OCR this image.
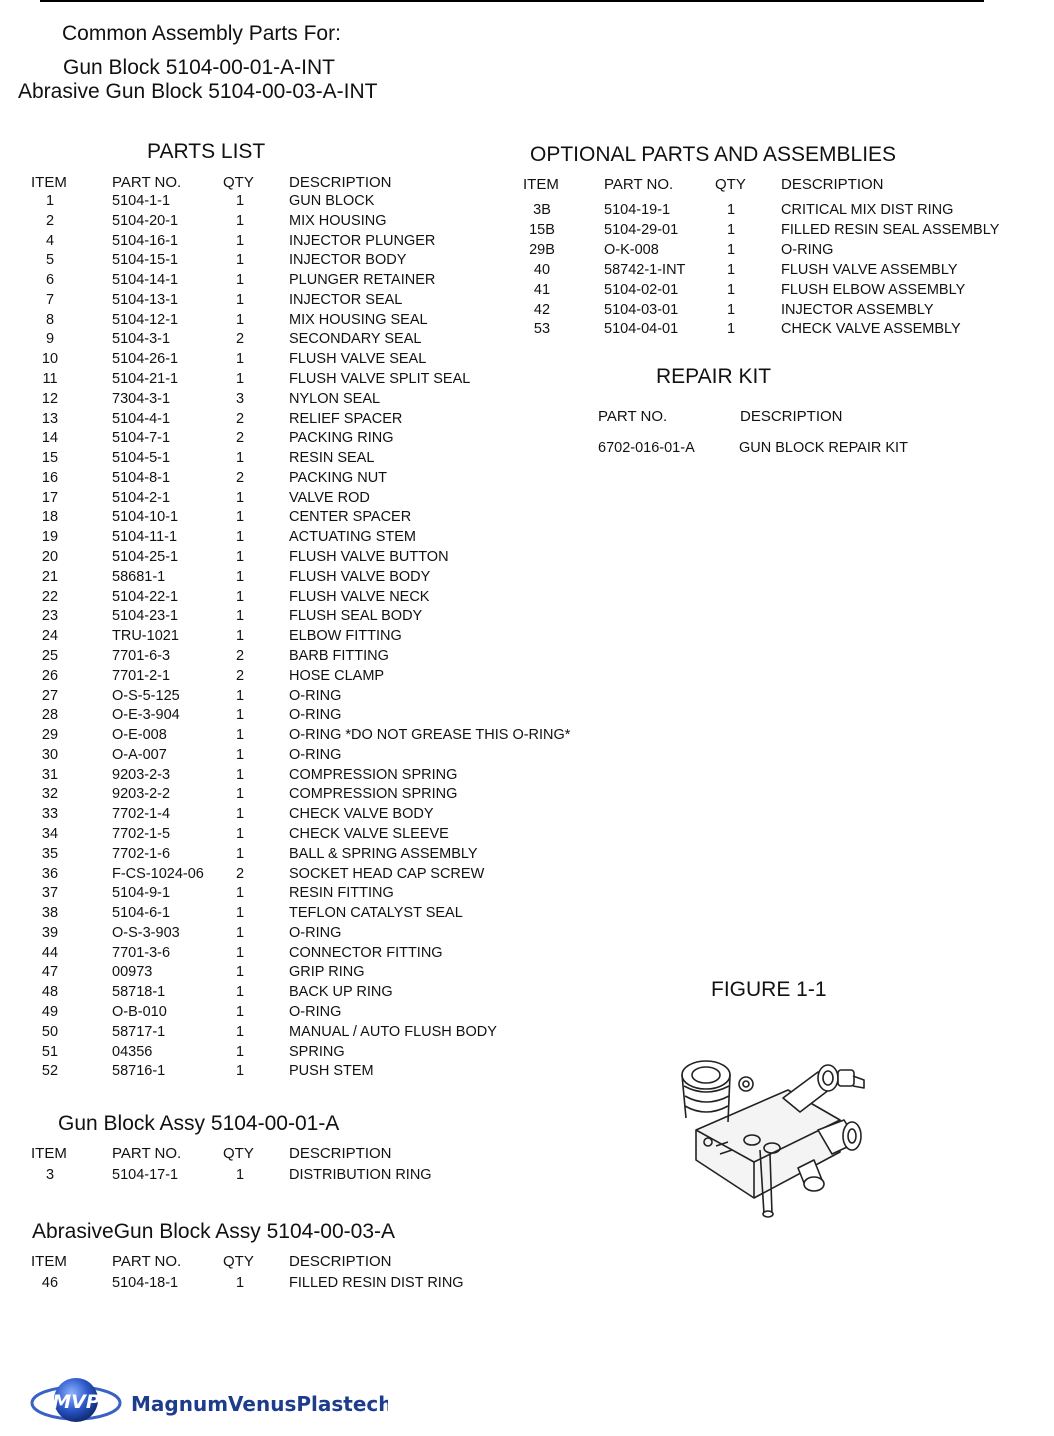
Common Assembly Parts For:
Gun Block 5104-00-01-A-INT
Abrasive Gun Block 5104-00-03-A-INT
PARTS LIST
ITEM	PART NO.	QTY DESCRIPTION
1	5104-1-1	1	GUN BLOCK
2	5104-20-1	1	MIX HOUSING
4	5104-16-1	1	INJECTOR PLUNGER
5	5104-15-1	1	INJECTOR BODY
6	5104-14-1	1	PLUNGER RETAINER
7	5104-13-1	1	INJECTOR SEAL
8	5104-12-1	1	MIX HOUSING SEAL
9	5104-3-1	2	SECONDARY SEAL
10	5104-26-1	1	FLUSH VALVE SEAL
11	5104-21-1	1	FLUSH VALVE SPLIT SEAL
12	7304-3-1	3	NYLON SEAL
13	5104-4-1	2	RELIEF SPACER
14	5104-7-1	2	PACKING RING
15	5104-5-1	1	RESIN SEAL
16	5104-8-1	2	PACKING NUT
17	5104-2-1	1	VALVE ROD
18	5104-10-1	1	CENTER SPACER
19	5104-11-1	1	ACTUATING STEM
20	5104-25-1	1	FLUSH VALVE BUTTON
21	58681-1	1	FLUSH VALVE BODY
22	5104-22-1	1	FLUSH VALVE NECK
23	5104-23-1	1	FLUSH SEAL BODY
24	TRU-1021	1	ELBOW FITTING
25	7701-6-3	2	BARB FITTING
26	7701-2-1	2	HOSE CLAMP
27	O-S-5-125	1	O-RING
28	O-E-3-904	1	O-RING
29	O-E-008	1	O-RING *DO NOT GREASE THIS O-RING*
30	O-A-007	1	O-RING
31	9203-2-3	1	COMPRESSION SPRING
32	9203-2-2	1	COMPRESSION SPRING
33	7702-1-4	1	CHECK VALVE BODY
34	7702-1-5	1	CHECK VALVE SLEEVE
35	7702-1-6	1	BALL & SPRING ASSEMBLY
36	F-CS-1024-06 2	SOCKET HEAD CAP SCREW
37	5104-9-1	1	RESIN FITTING
38	5104-6-1	1	TEFLON CATALYST SEAL
39	O-S-3-903	1	O-RING
44	7701-3-6	1	CONNECTOR FITTING
47	00973	1	GRIP RING
48	58718-1	1	BACK UP RING
49	O-B-010	1	O-RING
50	58717-1	1	MANUAL / AUTO FLUSH BODY
51	04356	1	SPRING
52	58716-1	1	PUSH STEM
Gun Block Assy 5104-00-01-A
ITEM	PART NO.	QTY DESCRIPTION
3	5104-17-1	1	DISTRIBUTION RING
AbrasiveGun Block Assy 5104-00-03-A
ITEM	PART NO.	QTY DESCRIPTION
46	5104-18-1	1	FILLED RESIN DIST RING
OPTIONAL PARTS AND ASSEMBLIES
ITEM	PART NO.	QTY DESCRIPTION
3B	5104-19-1	1	CRITICAL MIX DIST RING
15B	5104-29-01	1	FILLED RESIN SEAL ASSEMBLY
29B	O-K-008	1	O-RING
40	58742-1-INT	1	FLUSH VALVE ASSEMBLY
41	5104-02-01	1	FLUSH ELBOW ASSEMBLY
42	5104-03-01	1	INJECTOR ASSEMBLY
53	5104-04-01	1	CHECK VALVE ASSEMBLY
REPAIR KIT
PART NO.	DESCRIPTION
6702-016-01-A	GUN BLOCK REPAIR KIT
FIGURE 1-1
MVP MagnumVenusPlastech
